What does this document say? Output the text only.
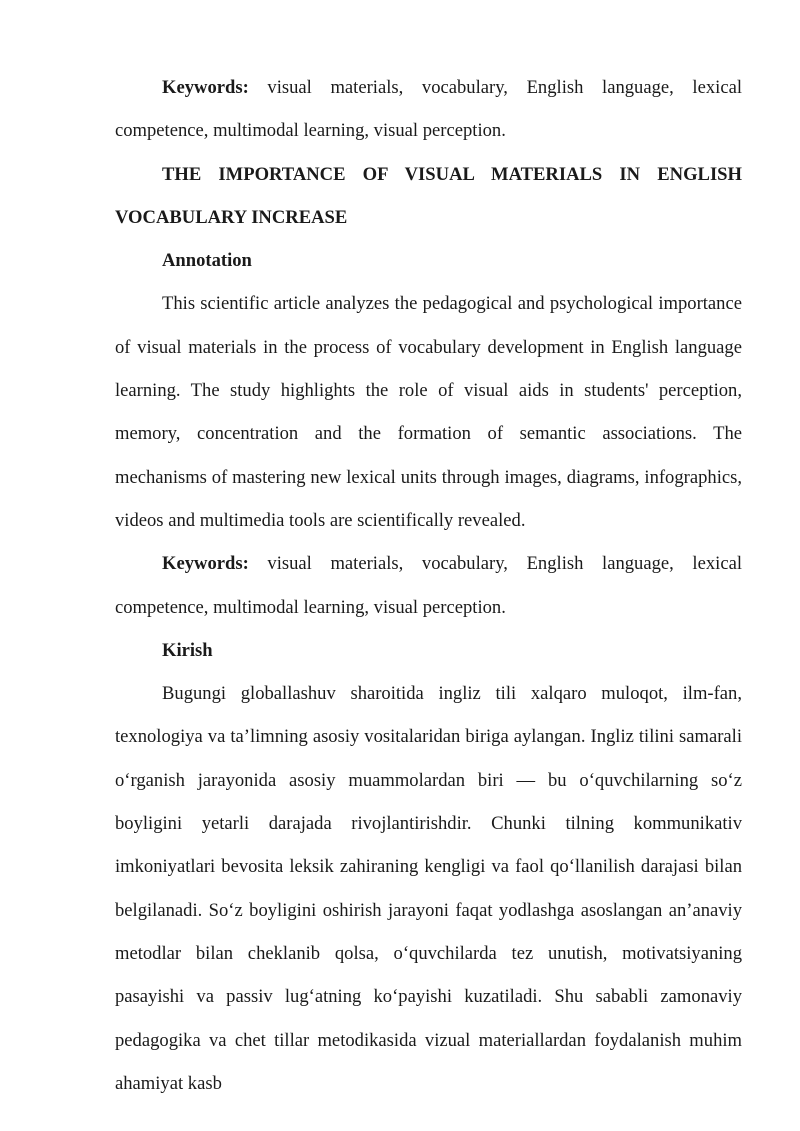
Keywords: visual materials, vocabulary, English language, lexical competence, multimodal learning, visual perception.

THE IMPORTANCE OF VISUAL MATERIALS IN ENGLISH VOCABULARY INCREASE

Annotation

This scientific article analyzes the pedagogical and psychological importance of visual materials in the process of vocabulary development in English language learning. The study highlights the role of visual aids in students' perception, memory, concentration and the formation of semantic associations. The mechanisms of mastering new lexical units through images, diagrams, infographics, videos and multimedia tools are scientifically revealed.

Keywords: visual materials, vocabulary, English language, lexical competence, multimodal learning, visual perception.

Kirish

Bugungi globallashuv sharoitida ingliz tili xalqaro muloqot, ilm-fan, texnologiya va ta’limning asosiy vositalaridan biriga aylangan. Ingliz tilini samarali o‘rganish jarayonida asosiy muammolardan biri — bu o‘quvchilarning so‘z boyligini yetarli darajada rivojlantirishdir. Chunki tilning kommunikativ imkoniyatlari bevosita leksik zahiraning kengligi va faol qo‘llanilish darajasi bilan belgilanadi. So‘z boyligini oshirish jarayoni faqat yodlashga asoslangan an’anaviy metodlar bilan cheklanib qolsa, o‘quvchilarda tez unutish, motivatsiyaning pasayishi va passiv lug‘atning ko‘payishi kuzatiladi. Shu sababli zamonaviy pedagogika va chet tillar metodikasida vizual materiallardan foydalanish muhim ahamiyat kasb
